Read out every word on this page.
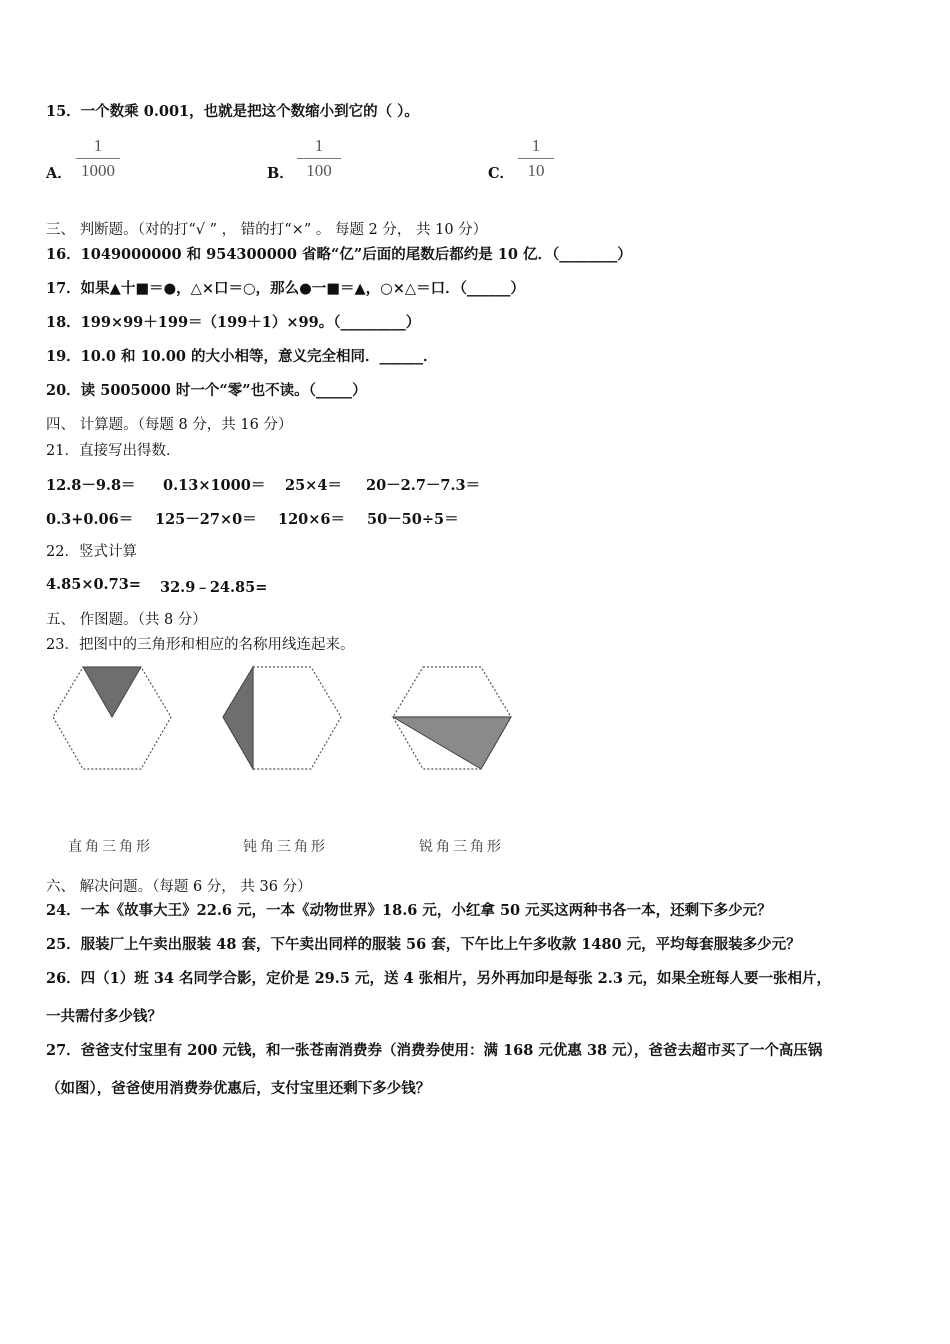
15．一个数乘 0.001，也就是把这个数缩小到它的（ ）。
A．
1
1000	B．
1
100	C．
1
10
三、 判断题。（对的打“√ ” ， 错的打“×” 。 每题 2 分， 共 10 分）
16．1049000000 和 954300000 省略“亿”后面的尾数后都约是 10 亿．（________）
17．如果▲十■＝●，△×口＝○，那么●一■＝▲，○×△＝口．（______）
18．199×99＋199＝（199＋1）×99。（_________）
19．10.0 和 10.00 的大小相等，意义完全相同．______．
20．读 5005000 时一个“零”也不读。（_____）
四、 计算题。（每题 8 分，共 16 分）
21．直接写出得数．
12.8－9.8＝ 0.13×1000＝ 25×4＝ 20－2.7－7.3＝
0.3+0.06＝ 125－27×0＝ 120×6＝ 50－50÷5＝
22．竖式计算
4.85×0.73= 32.9﹣24.85=
五、 作图题。（共 8 分）
23．把图中的三角形和相应的名称用线连起来。
直角三角形	钝角三角形	锐角三角形
六、 解决问题。（每题 6 分， 共 36 分）
24．一本《故事大王》22.6 元，一本《动物世界》18.6 元，小红拿 50 元买这两种书各一本，还剩下多少元？
25．服装厂上午卖出服装 48 套，下午卖出同样的服装 56 套，下午比上午多收款 1480 元，平均每套服装多少元？
26．四（1）班 34 名同学合影，定价是 29.5 元，送 4 张相片，另外再加印是每张 2.3 元，如果全班每人要一张相片，
一共需付多少钱？
27．爸爸支付宝里有 200 元钱，和一张苍南消费券（消费券使用：满 168 元优惠 38 元），爸爸去超市买了一个高压锅
（如图），爸爸使用消费券优惠后，支付宝里还剩下多少钱？
